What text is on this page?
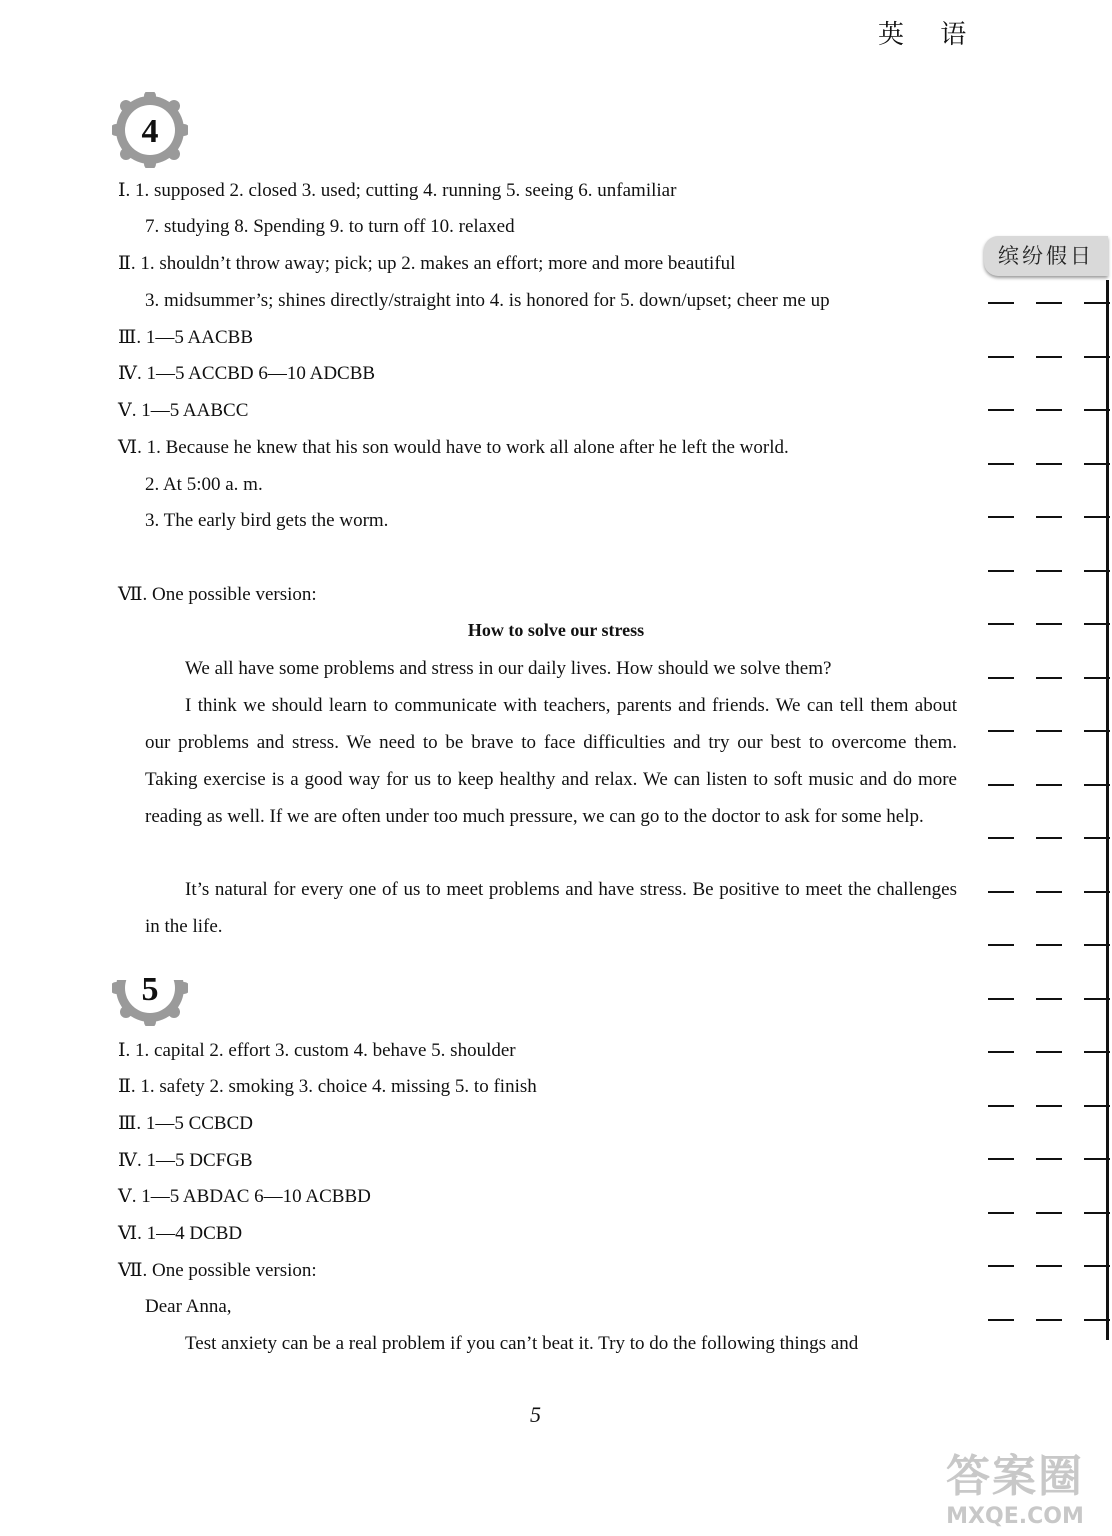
英 语
4
Ⅰ. 1. supposed 2. closed 3. used; cutting 4. running 5. seeing 6. unfamiliar
7. studying 8. Spending 9. to turn off 10. relaxed
Ⅱ. 1. shouldn’t throw away; pick; up 2. makes an effort; more and more beautiful
3. midsummer’s; shines directly/straight into 4. is honored for 5. down/upset; cheer me up
Ⅲ. 1—5 AACBB
Ⅳ. 1—5 ACCBD 6—10 ADCBB
Ⅴ. 1—5 AABCC
Ⅵ. 1. Because he knew that his son would have to work all alone after he left the world.
2. At 5:00 a. m.
3. The early bird gets the worm.
Ⅶ. One possible version:
How to solve our stress
We all have some problems and stress in our daily lives. How should we solve them?
I think we should learn to communicate with teachers, parents and friends. We can tell them about our problems and stress. We need to be brave to face difficulties and try our best to overcome them. Taking exercise is a good way for us to keep healthy and relax. We can listen to soft music and do more reading as well. If we are often under too much pressure, we can go to the doctor to ask for some help.
It’s natural for every one of us to meet problems and have stress. Be positive to meet the challenges in the life.
5
Ⅰ. 1. capital 2. effort 3. custom 4. behave 5. shoulder
Ⅱ. 1. safety 2. smoking 3. choice 4. missing 5. to finish
Ⅲ. 1—5 CCBCD
Ⅳ. 1—5 DCFGB
Ⅴ. 1—5 ABDAC 6—10 ACBBD
Ⅵ. 1—4 DCBD
Ⅶ. One possible version:
Dear Anna,
Test anxiety can be a real problem if you can’t beat it. Try to do the following things and
缤纷假日
5
答案圈
MXQE.COM
